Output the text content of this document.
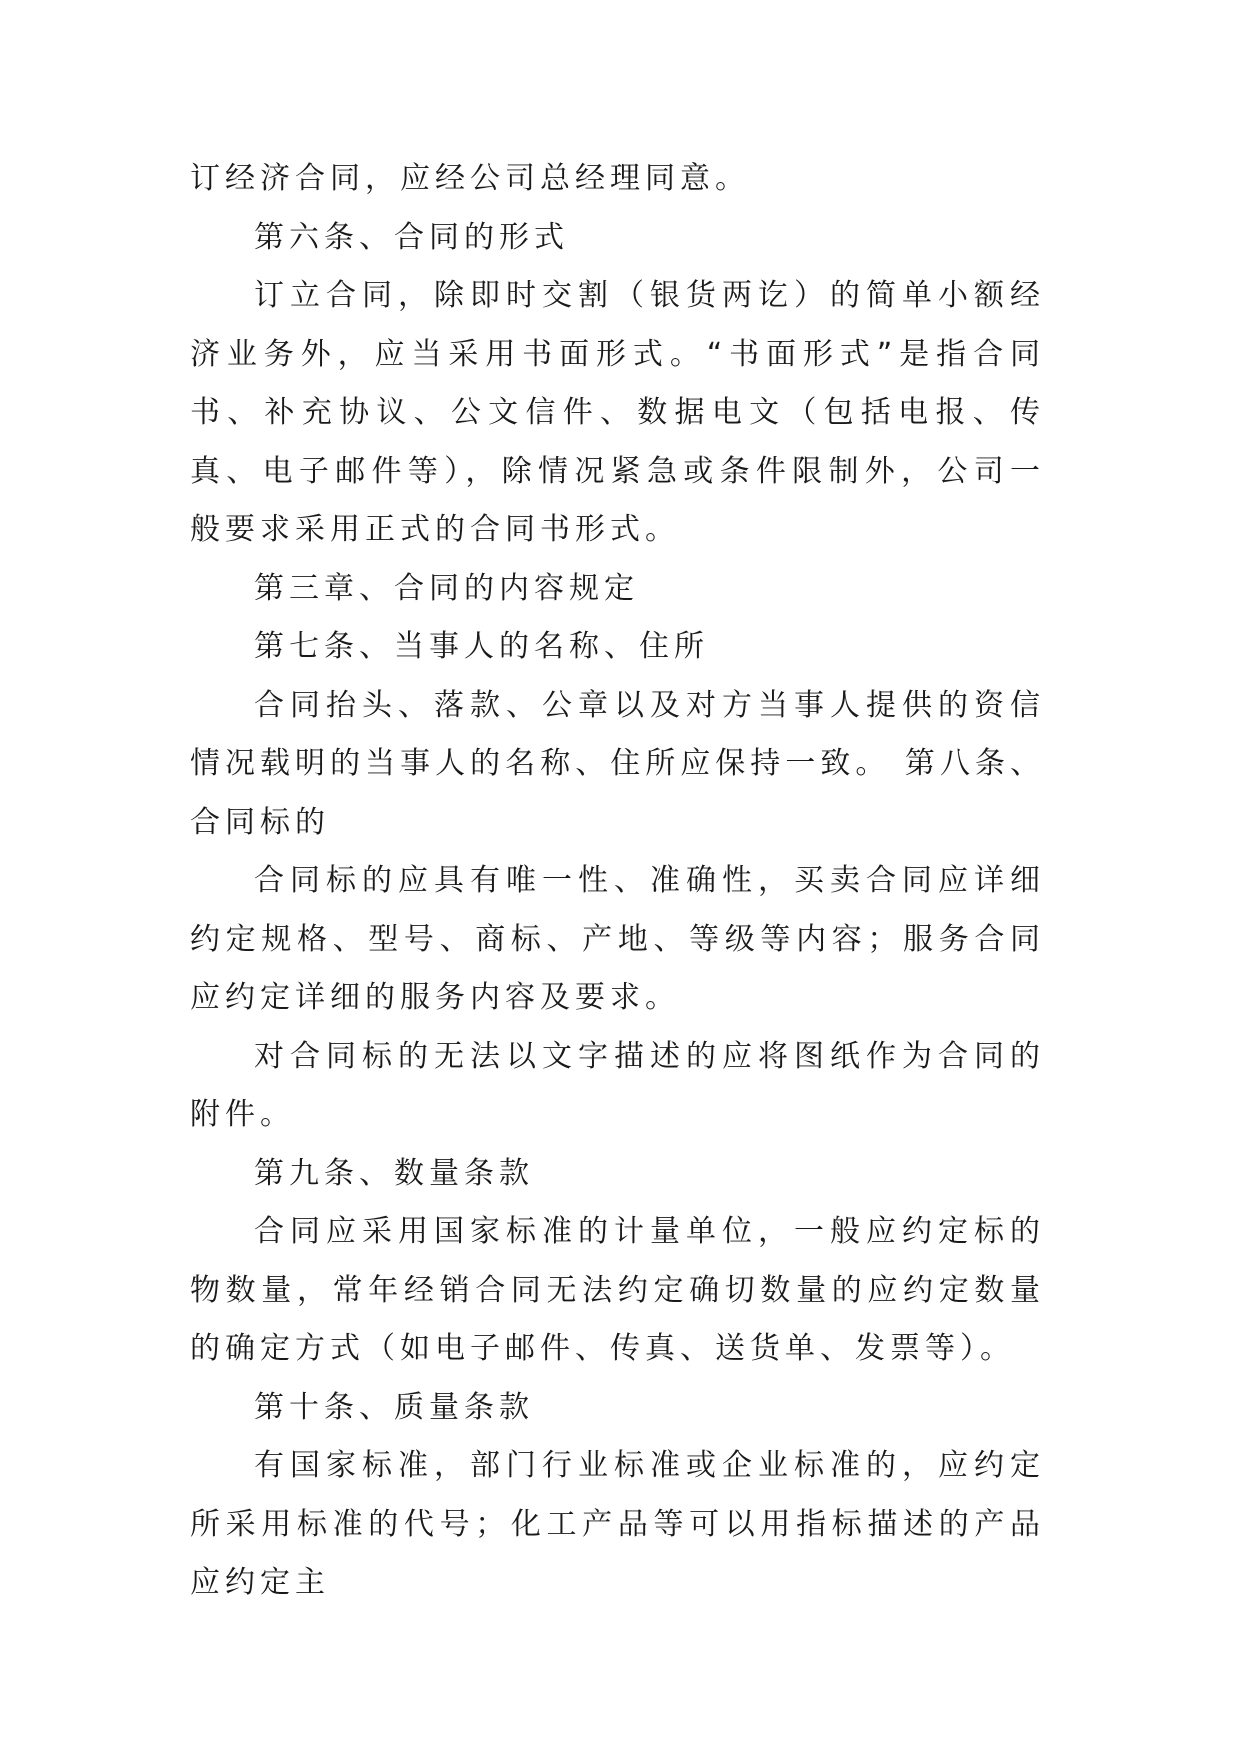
订经济合同，应经公司总经理同意。

第六条、合同的形式

订立合同，除即时交割（银货两讫）的简单小额经济业务外，应当采用书面形式。“书面形式”是指合同书、补充协议、公文信件、数据电文（包括电报、传真、电子邮件等），除情况紧急或条件限制外，公司一般要求采用正式的合同书形式。

第三章、合同的内容规定

第七条、当事人的名称、住所

合同抬头、落款、公章以及对方当事人提供的资信情况载明的当事人的名称、住所应保持一致。 第八条、合同标的

合同标的应具有唯一性、准确性，买卖合同应详细约定规格、型号、商标、产地、等级等内容；服务合同应约定详细的服务内容及要求。

对合同标的无法以文字描述的应将图纸作为合同的附件。

第九条、数量条款

合同应采用国家标准的计量单位，一般应约定标的物数量，常年经销合同无法约定确切数量的应约定数量的确定方式（如电子邮件、传真、送货单、发票等）。

第十条、质量条款

有国家标准，部门行业标准或企业标准的，应约定所采用标准的代号；化工产品等可以用指标描述的产品应约定主
